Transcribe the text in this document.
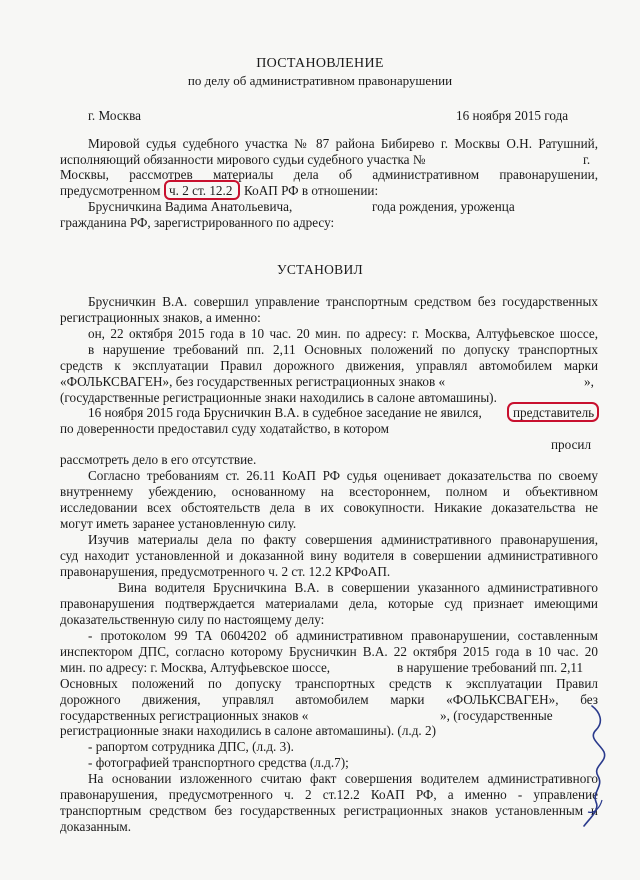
ПОСТАНОВЛЕНИЕ
по делу об административном правонарушении
г. Москва	16 ноября 2015 года
Мировой судья судебного участка № 87 района Бибирево г. Москвы О.Н. Ратушний,
исполняющий обязанности мирового судьи судебного участка №	г.
Москвы, рассмотрев материалы дела об административном правонарушении,
предусмотренном ч. 2 ст. 12.2 КоАП РФ в отношении:
Брусничкина Вадима Анатольевича,	года рождения, уроженца
гражданина РФ, зарегистрированного по адресу:
УСТАНОВИЛ
Брусничкин В.А. совершил управление транспортным средством без государственных
регистрационных знаков, а именно:
он, 22 октября 2015 года в 10 час. 20 мин. по адресу: г. Москва, Алтуфьевское шоссе,
в нарушение требований пп. 2,11 Основных положений по допуску транспортных
средств к эксплуатации Правил дорожного движения, управлял автомобилем марки
«ФОЛЬКСВАГЕН», без государственных регистрационных знаков «	»,
(государственные регистрационные знаки находились в салоне автомашины).
16 ноября 2015 года Брусничкин В.А. в судебное заседание не явился, представитель
по доверенности предоставил суду ходатайство, в котором
просил
рассмотреть дело в его отсутствие.
Согласно требованиям ст. 26.11 КоАП РФ судья оценивает доказательства по своему
внутреннему убеждению, основанному на всестороннем, полном и объективном
исследовании всех обстоятельств дела в их совокупности. Никакие доказательства не
могут иметь заранее установленную силу.
Изучив материалы дела по факту совершения административного правонарушения,
суд находит установленной и доказанной вину водителя в совершении административного
правонарушения, предусмотренного ч. 2 ст. 12.2 КРФоАП.
Вина водителя Брусничкина В.А. в совершении указанного административного
правонарушения подтверждается материалами дела, которые суд признает имеющими
доказательственную силу по настоящему делу:
- протоколом 99 ТА 0604202 об административном правонарушении, составленным
инспектором ДПС, согласно которому Брусничкин В.А. 22 октября 2015 года в 10 час. 20
мин. по адресу: г. Москва, Алтуфьевское шоссе,	в нарушение требований пп. 2,11
Основных положений по допуску транспортных средств к эксплуатации Правил
дорожного движения, управлял автомобилем марки «ФОЛЬКСВАГЕН», без
государственных регистрационных знаков «	», (государственные
регистрационные знаки находились в салоне автомашины). (л.д. 2)
- рапортом сотрудника ДПС, (л.д. 3).
- фотографией транспортного средства (л.д.7);
На основании изложенного считаю факт совершения водителем административного
правонарушения, предусмотренного ч. 2 ст.12.2 КоАП РФ, а именно - управление
транспортным средством без государственных регистрационных знаков установленным и
доказанным.
